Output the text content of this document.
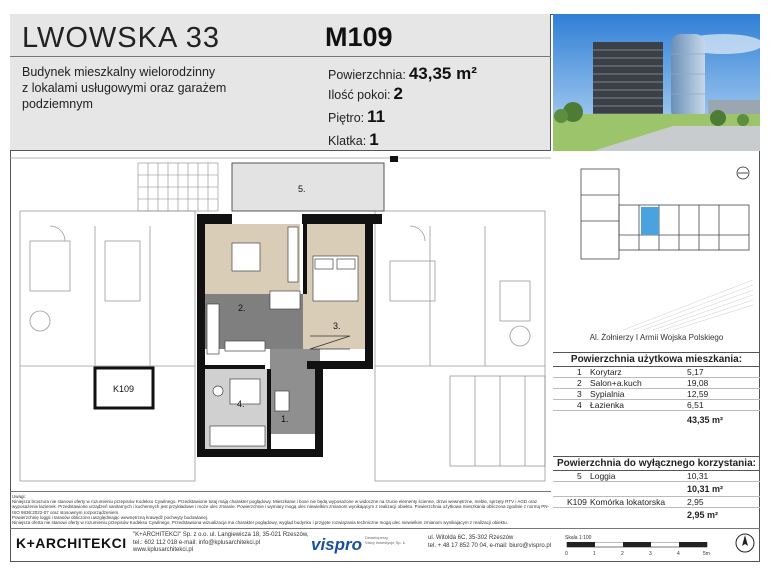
LWOWSKA 33	M109
Budynek mieszkalny wielorodzinny
z lokalami usługowymi oraz garażem
podziemnym
Powierzchnia: 43,35 m²
Ilość pokoi: 2
Piętro: 11
Klatka: 1
Al. Żołnierzy I Armii Wojska Polskiego
5.
2.
3.
4.
1.
K109
Powierzchnia użytkowa mieszkania:
1 Korytarz	5,17
2 Salon+a.kuch	19,08
3 Sypialnia	12,59
4 Łazienka	6,51
43,35 m²
Powierzchnia do wyłącznego korzystania:
5 Loggia	10,31
10,31 m²
K109 Komórka lokatorska	2,95
2,95 m²
Uwagi:
Niniejsza broszura nie stanowi oferty w rozumieniu przepisów Kodeksu Cywilnego. Przedstawione tutaj mają charakter poglądowy. Mieszkanie i boxe nie będą wyposażone w widoczne na rzucie elementy ścienne, drzwi wewnętrzne, meble, sprzęty RTV i AGD oraz wyposażenie łazienek. Przedstawione urządzeń sanitarnych i kuchennych jest przykładowe i może ulec zmianie. Powierzchnie i wymiary mogą ulec niewielkim zmianom wynikającym z realizacji obiektu. Powierzchnia użytkowa mieszkania obliczona zgodnie z normą PN-ISO 9836:2022-07 oraz stosownym rozporządzeniem.
Powierzchnię loggii i tarasów obliczono uwzględniając wewnętrzną krawędź pochwyty budowlanej.
Niniejsza oferta nie stanowi oferty w rozumieniu przepisów Kodeksu Cywilnego. Przedstawiona wizualizacja ma charakter poglądowy, wygląd budynku i przyjęte rozwiązania techniczne mogą ulec niewielkim zmianom wynikającym z realizacji obiektu.
K+ARCHITEKCI "K+ARCHITEKCI" Sp. z o.o. ul. Langiewicza 18, 35-021 Rzeszów,
tel.: 602 112 018 e-mail: info@kplusarchitekci.pl
www.kplusarchitekci.pl	vispro Deweloperzy
Visby Inwestycje Sp. k.
ul. Witolda 6C, 35-302 Rzeszów
tel. + 48 17 852 70 04, e-mail: biuro@vispro.pl
Skala 1:100
0	1	2	3	4	5m
